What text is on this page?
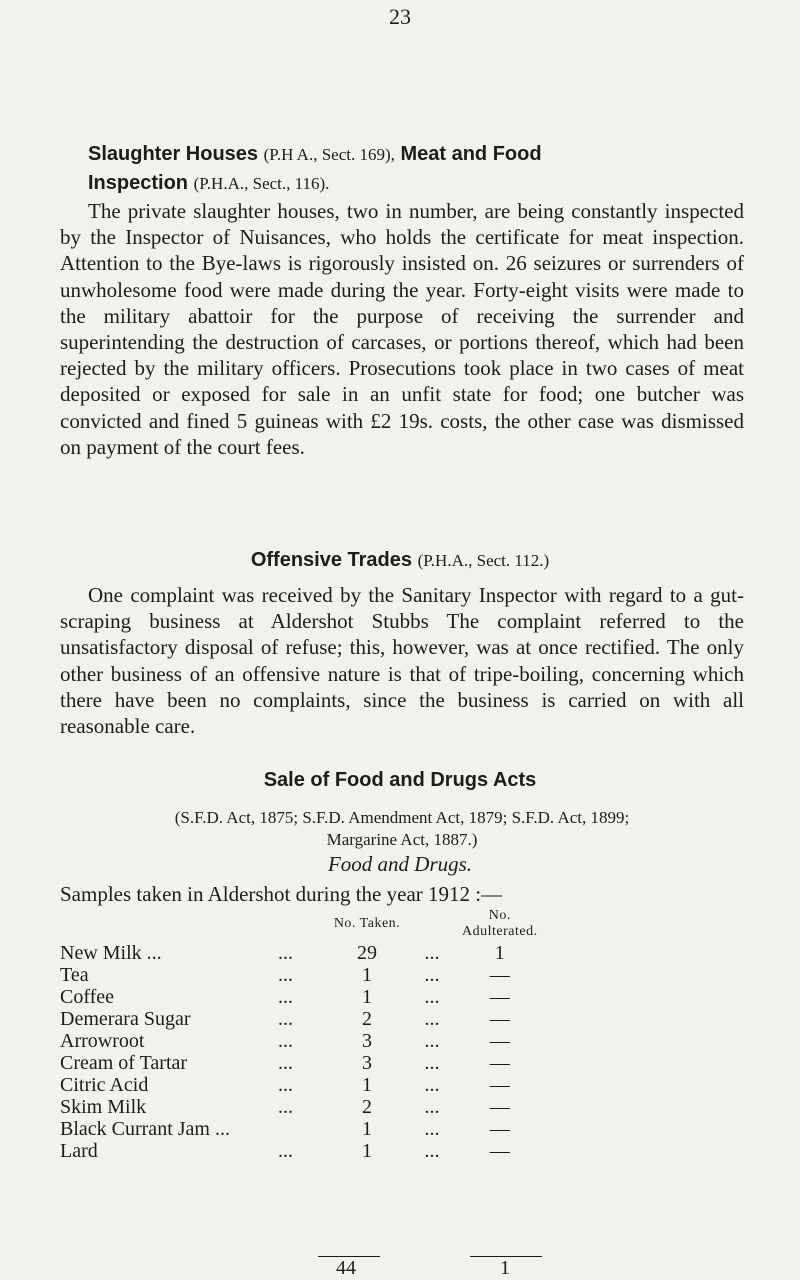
23
Slaughter Houses (P.H A., Sect. 169), Meat and Food
Inspection (P.H.A., Sect., 116).
The private slaughter houses, two in number, are being constantly inspected by the Inspector of Nuisances, who holds the certificate for meat inspection. Attention to the Bye-laws is rigorously insisted on. 26 seizures or surrenders of unwholesome food were made during the year. Forty-eight visits were made to the military abattoir for the purpose of receiving the surrender and superintending the destruction of carcases, or portions thereof, which had been rejected by the military officers. Prosecutions took place in two cases of meat deposited or exposed for sale in an unfit state for food; one butcher was convicted and fined 5 guineas with £2 19s. costs, the other case was dismissed on payment of the court fees.
Offensive Trades (P.H.A., Sect. 112.)
One complaint was received by the Sanitary Inspector with regard to a gut-scraping business at Aldershot Stubbs The complaint referred to the unsatisfactory disposal of refuse; this, however, was at once rectified. The only other business of an offensive nature is that of tripe-boiling, concerning which there have been no complaints, since the business is carried on with all reasonable care.
Sale of Food and Drugs Acts
(S.F.D. Act, 1875; S.F.D. Amendment Act, 1879; S.F.D. Act, 1899;
Margarine Act, 1887.)
Food and Drugs.
Samples taken in Aldershot during the year 1912 :—
		No. Taken.		No. Adulterated.
New Milk ...	...	29	...	1
Tea	...	1	...	—
Coffee	...	1	...	—
Demerara Sugar	...	2	...	—
Arrowroot	...	3	...	—
Cream of Tartar	...	3	...	—
Citric Acid	...	1	...	—
Skim Milk	...	2	...	—
Black Currant Jam ...		1	...	—
Lard	...	1	...	—
44	1
